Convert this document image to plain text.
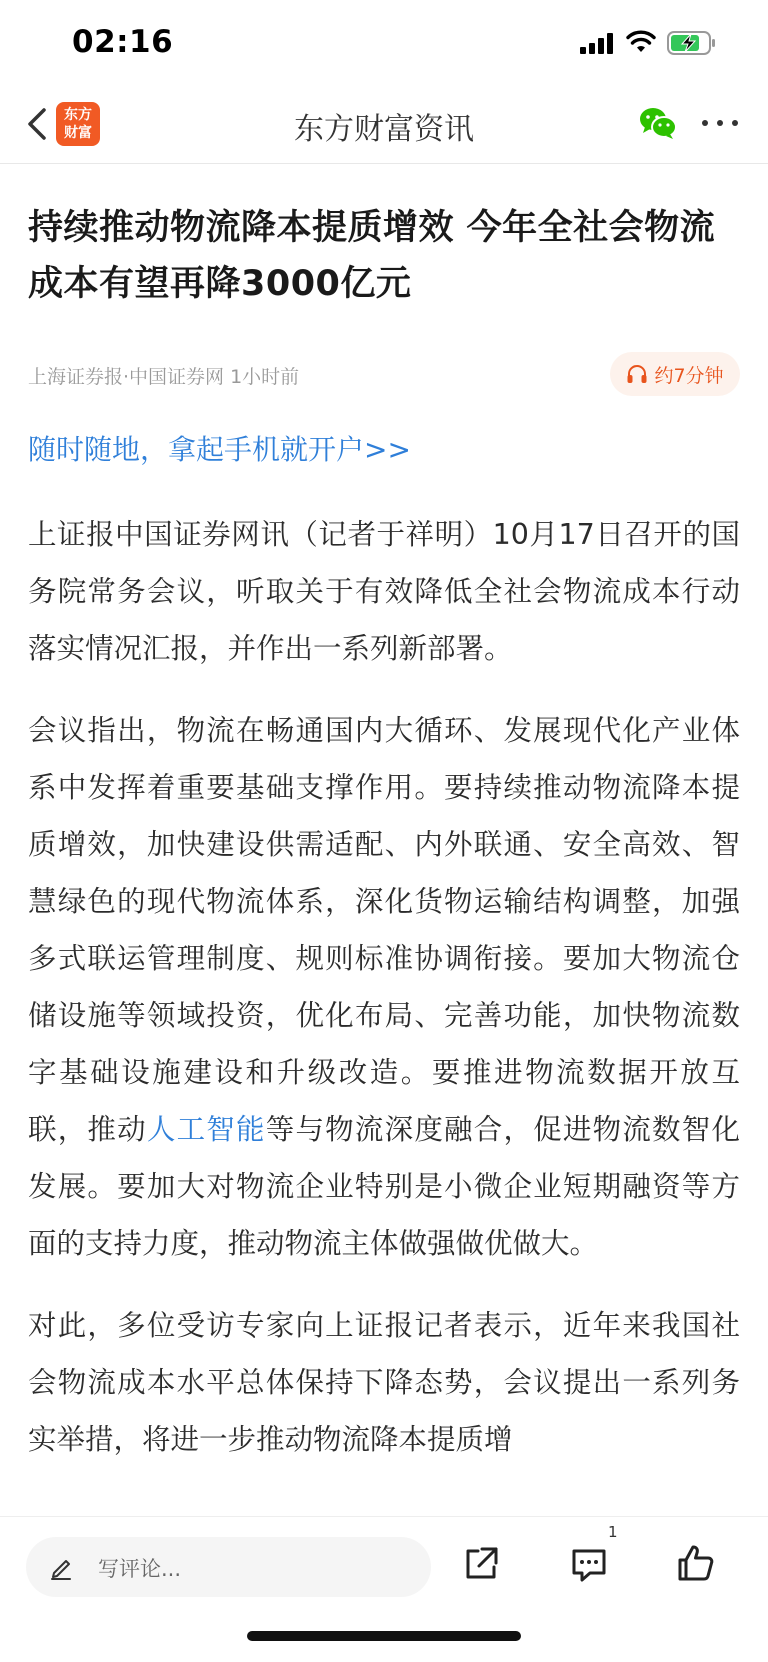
02:16
东方
财富	东方财富资讯
持续推动物流降本提质增效 今年全社会物流成本有望再降3000亿元
上海证券报·中国证券网 1小时前	约7分钟
随时随地，拿起手机就开户>>

上证报中国证券网讯（记者于祥明）10月17日召开的国务院常务会议，听取关于有效降低全社会物流成本行动落实情况汇报，并作出一系列新部署。

会议指出，物流在畅通国内大循环、发展现代化产业体系中发挥着重要基础支撑作用。要持续推动物流降本提质增效，加快建设供需适配、内外联通、安全高效、智慧绿色的现代物流体系，深化货物运输结构调整，加强多式联运管理制度、规则标准协调衔接。要加大物流仓储设施等领域投资，优化布局、完善功能，加快物流数字基础设施建设和升级改造。要推进物流数据开放互联，推动人工智能等与物流深度融合，促进物流数智化发展。要加大对物流企业特别是小微企业短期融资等方面的支持力度，推动物流主体做强做优做大。

对此，多位受访专家向上证报记者表示，近年来我国社会物流成本水平总体保持下降态势，会议提出一系列务实举措，将进一步推动物流降本提质增

写评论...
1
